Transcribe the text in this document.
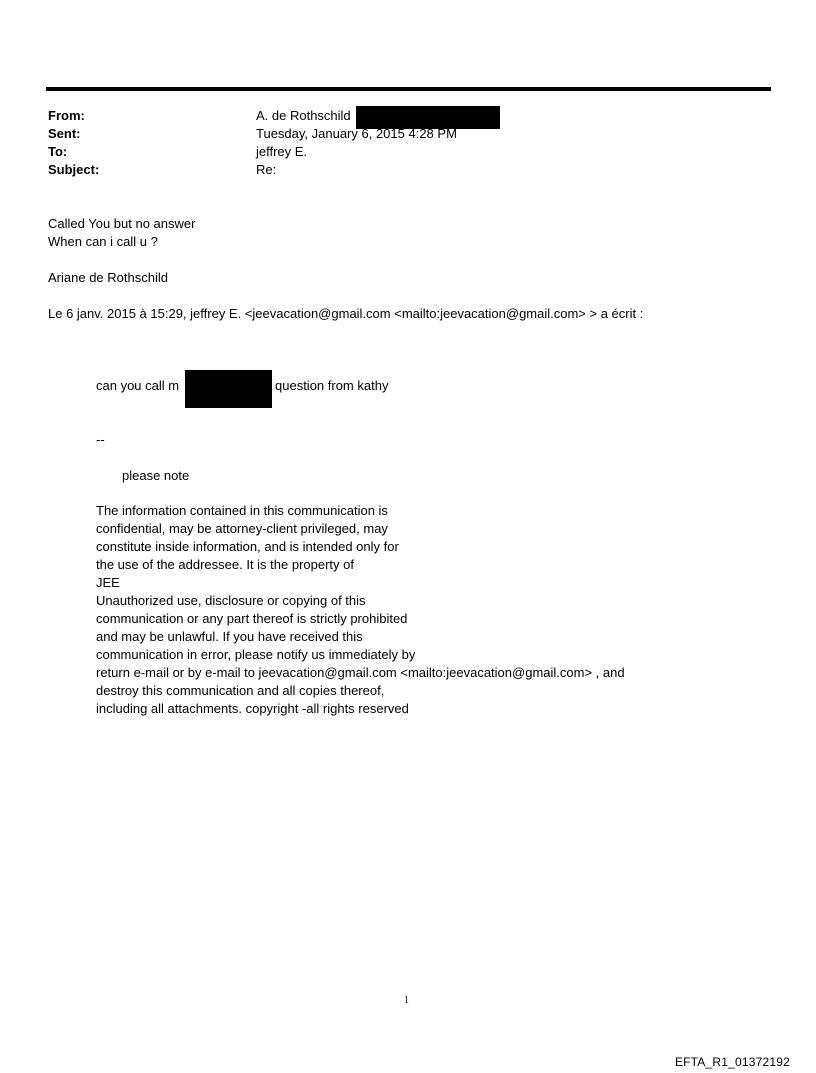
From:	A. de Rothschild
Sent:	Tuesday, January 6, 2015 4:28 PM
To:	jeffrey E.
Subject:	Re:
Called You but no answer
When can i call u ?
Ariane de Rothschild
Le 6 janv. 2015 à 15:29, jeffrey E. <jeevacation@gmail.com <mailto:jeevacation@gmail.com> > a écrit :
can you call m	question from kathy
--
please note
The information contained in this communication is
confidential, may be attorney-client privileged, may
constitute inside information, and is intended only for
the use of the addressee. It is the property of
JEE
Unauthorized use, disclosure or copying of this
communication or any part thereof is strictly prohibited
and may be unlawful. If you have received this
communication in error, please notify us immediately by
return e-mail or by e-mail to jeevacation@gmail.com <mailto:jeevacation@gmail.com> , and
destroy this communication and all copies thereof,
including all attachments. copyright -all rights reserved
1
EFTA_R1_01372192
